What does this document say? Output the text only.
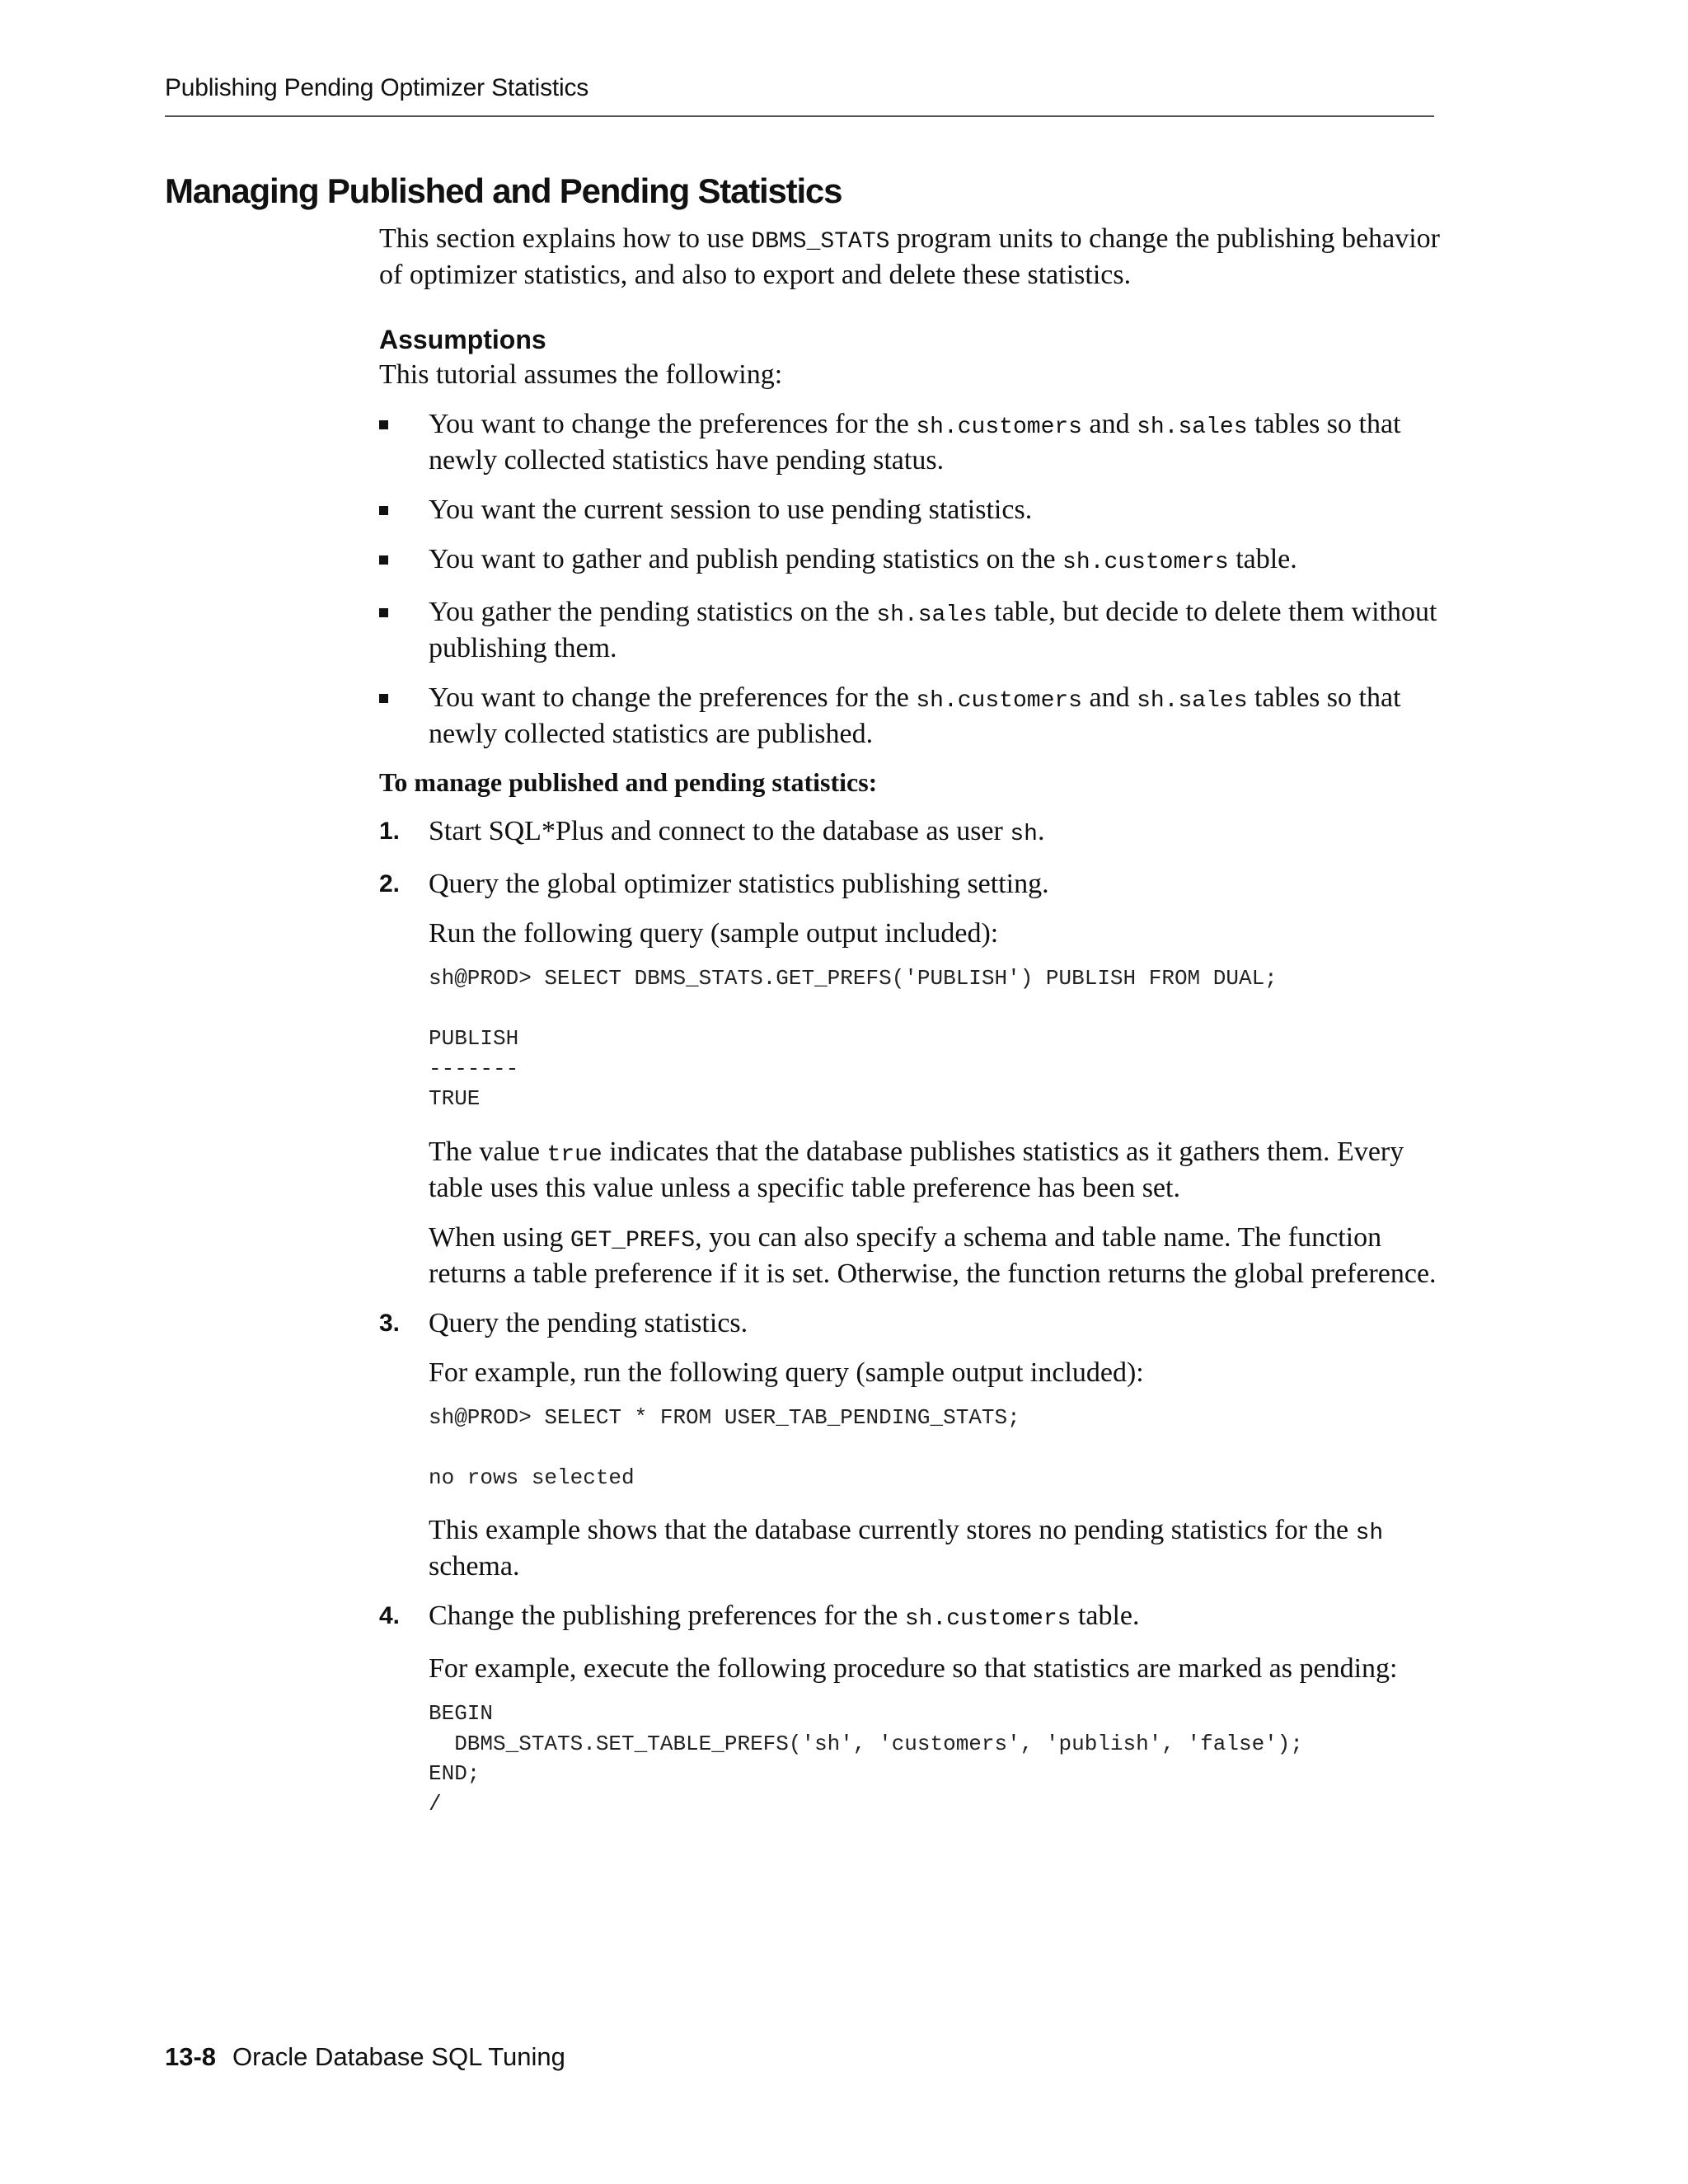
Publishing Pending Optimizer Statistics
Managing Published and Pending Statistics

This section explains how to use DBMS_STATS program units to change the publishing behavior of optimizer statistics, and also to export and delete these statistics.

Assumptions

This tutorial assumes the following:

You want to change the preferences for the sh.customers and sh.sales tables so that newly collected statistics have pending status.
You want the current session to use pending statistics.
You want to gather and publish pending statistics on the sh.customers table.
You gather the pending statistics on the sh.sales table, but decide to delete them without publishing them.
You want to change the preferences for the sh.customers and sh.sales tables so that newly collected statistics are published.

To manage published and pending statistics:

1. Start SQL*Plus and connect to the database as user sh.

2. Query the global optimizer statistics publishing setting.

Run the following query (sample output included):

sh@PROD> SELECT DBMS_STATS.GET_PREFS('PUBLISH') PUBLISH FROM DUAL;

PUBLISH
-------
TRUE

The value true indicates that the database publishes statistics as it gathers them. Every table uses this value unless a specific table preference has been set.

When using GET_PREFS, you can also specify a schema and table name. The function returns a table preference if it is set. Otherwise, the function returns the global preference.

3. Query the pending statistics.

For example, run the following query (sample output included):

sh@PROD> SELECT * FROM USER_TAB_PENDING_STATS;

no rows selected

This example shows that the database currently stores no pending statistics for the sh schema.

4. Change the publishing preferences for the sh.customers table.

For example, execute the following procedure so that statistics are marked as pending:

BEGIN
DBMS_STATS.SET_TABLE_PREFS('sh', 'customers', 'publish', 'false');
END;
/
13-8 Oracle Database SQL Tuning
